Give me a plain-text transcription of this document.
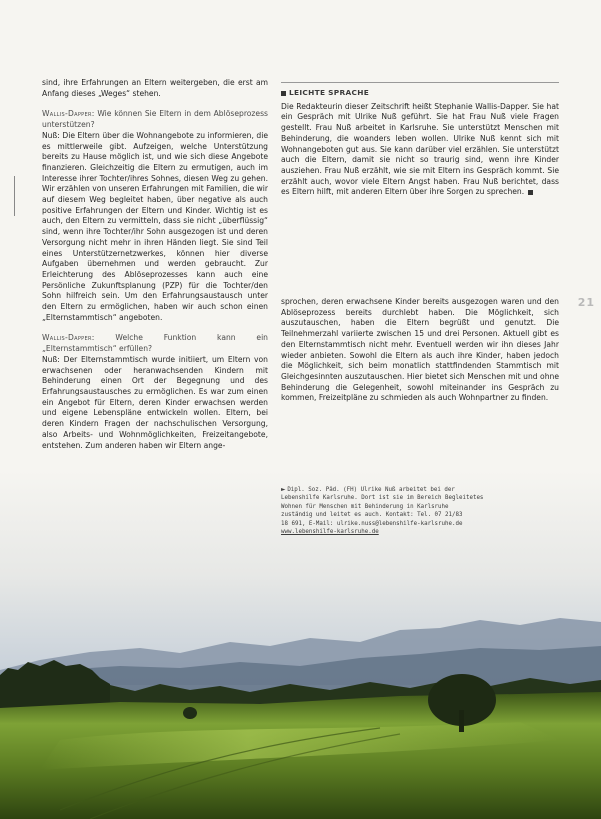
sind, ihre Erfahrungen an Eltern weitergeben, die erst am Anfang dieses „Weges“ stehen.

Wallis-Dapper: Wie können Sie Eltern in dem Ablöseprozess unterstützen?

Nuß: Die Eltern über die Wohnangebote zu informieren, die es mittlerweile gibt. Aufzeigen, welche Unterstützung bereits zu Hause möglich ist, und wie sich diese Angebote finanzieren. Gleichzeitig die Eltern zu ermutigen, auch im Interesse ihrer Tochter/ihres Sohnes, diesen Weg zu gehen. Wir erzählen von unseren Erfahrungen mit Familien, die wir auf diesem Weg begleitet haben, über negative als auch positive Erfahrungen der Eltern und Kinder. Wichtig ist es auch, den Eltern zu vermitteln, dass sie nicht „überflüssig“ sind, wenn ihre Tochter/ihr Sohn ausgezogen ist und deren Versorgung nicht mehr in ihren Händen liegt. Sie sind Teil eines Unterstützernetzwerkes, können hier diverse Aufgaben übernehmen und werden gebraucht. Zur Erleichterung des Ablöseprozesses kann auch eine Persönliche Zukunftsplanung (PZP) für die Tochter/den Sohn hilfreich sein. Um den Erfahrungsaustausch unter den Eltern zu ermöglichen, haben wir auch schon einen „Elternstammtisch“ angeboten.

Wallis-Dapper:	Welche Funktion kann ein „Elternstammtisch“ erfüllen?

Nuß: Der Elternstammtisch wurde initiiert, um Eltern von erwachsenen oder heranwachsenden Kindern mit Behinderung einen Ort der Begegnung und des Erfahrungsaustausches zu ermöglichen. Es war zum einen ein Angebot für Eltern, deren Kinder erwachsen werden und eigene Lebenspläne entwickeln wollen. Eltern, bei deren Kindern Fragen der nachschulischen Versorgung, also Arbeits- und Wohnmöglichkeiten, Freizeitangebote, entstehen. Zum anderen haben wir Eltern ange-

LEICHTE SPRACHE

Die Redakteurin dieser Zeitschrift heißt Stephanie Wallis-Dapper. Sie hat ein Gespräch mit Ulrike Nuß geführt. Sie hat Frau Nuß viele Fragen gestellt. Frau Nuß arbeitet in Karlsruhe. Sie unterstützt Menschen mit Behinderung, die woanders leben wollen. Ulrike Nuß kennt sich mit Wohnangeboten gut aus. Sie kann darüber viel erzählen. Sie unterstützt auch die Eltern, damit sie nicht so traurig sind, wenn ihre Kinder ausziehen. Frau Nuß erzählt, wie sie mit Eltern ins Gespräch kommt. Sie erzählt auch, wovor viele Eltern Angst haben. Frau Nuß berichtet, dass es Eltern hilft, mit anderen Eltern über ihre Sorgen zu sprechen.

21

sprochen, deren erwachsene Kinder bereits ausgezogen waren und den Ablöseprozess bereits durchlebt haben. Die Möglichkeit, sich auszutauschen, haben die Eltern begrüßt und genutzt. Die Teilnehmerzahl variierte zwischen 15 und drei Personen. Aktuell gibt es den Elternstammtisch nicht mehr. Eventuell werden wir ihn dieses Jahr wieder anbieten. Sowohl die Eltern als auch ihre Kinder, haben jedoch die Möglichkeit, sich beim monatlich stattfindenden Stammtisch mit Gleichgesinnten auszutauschen. Hier bietet sich Menschen mit und ohne Behinderung die Gelegenheit, sowohl miteinander ins Gespräch zu kommen, Freizeitpläne zu schmieden als auch Wohnpartner zu finden.

► Dipl. Soz. Päd. (FH) Ulrike Nuß arbeitet bei der
Lebenshilfe Karlsruhe. Dort ist sie im Bereich Begleitetes
Wohnen für Menschen mit Behinderung in Karlsruhe
zuständig und leitet es auch. Kontakt: Tel. 07 21/83
18 691, E-Mail: ulrike.nuss@lebenshilfe-karlsruhe.de
www.lebenshilfe-karlsruhe.de
